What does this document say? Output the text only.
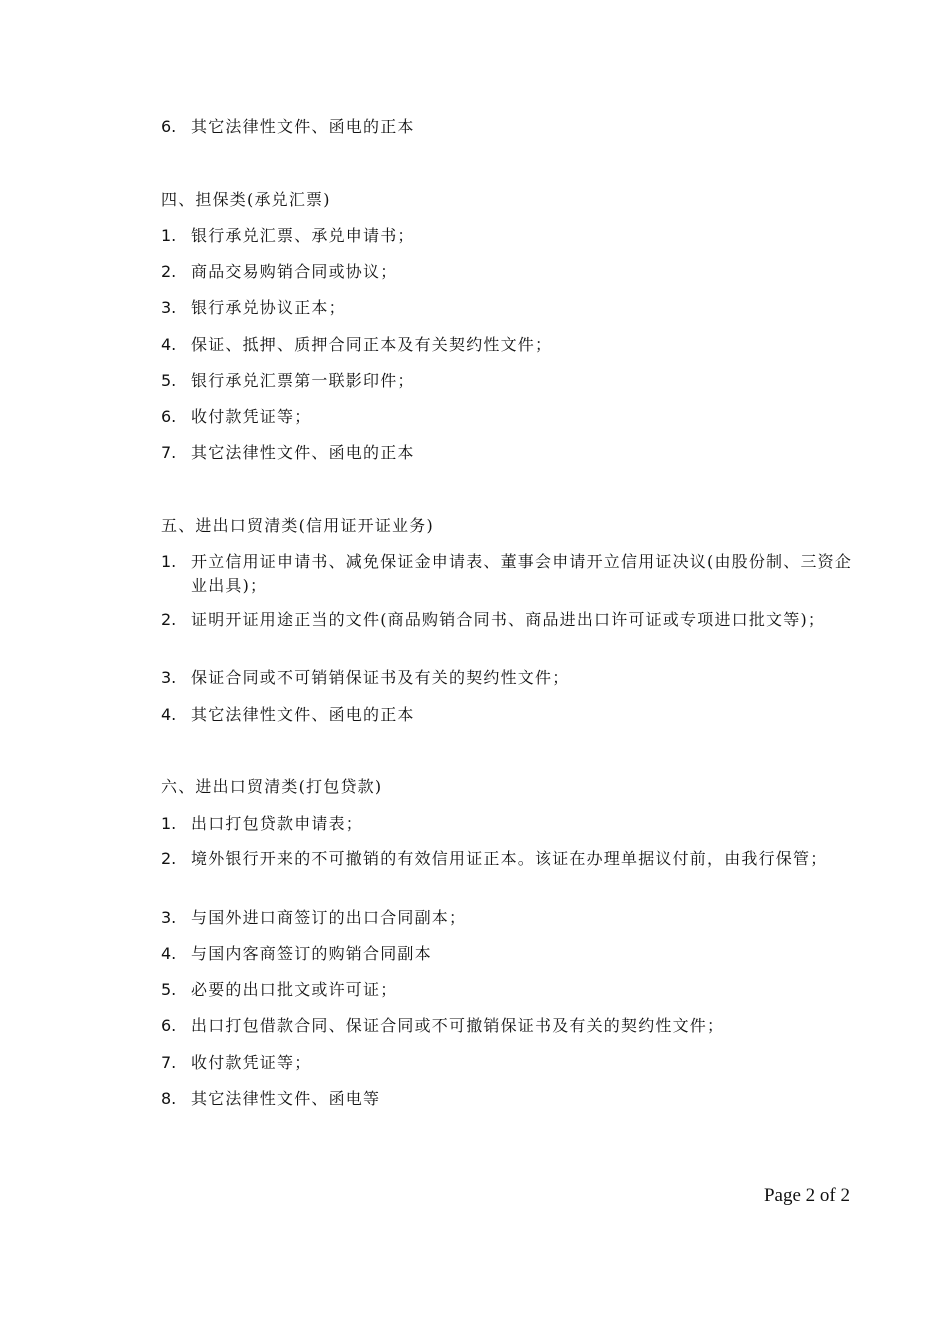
6. 其它法律性文件、函电的正本
四、担保类(承兑汇票)
1. 银行承兑汇票、承兑申请书；
2. 商品交易购销合同或协议；
3. 银行承兑协议正本；
4. 保证、抵押、质押合同正本及有关契约性文件；
5. 银行承兑汇票第一联影印件；
6. 收付款凭证等；
7. 其它法律性文件、函电的正本
五、进出口贸清类(信用证开证业务)
1. 开立信用证申请书、减免保证金申请表、董事会申请开立信用证决议(由股份制、三资企业出具)；
2. 证明开证用途正当的文件(商品购销合同书、商品进出口许可证或专项进口批文等)；
3. 保证合同或不可销销保证书及有关的契约性文件；
4. 其它法律性文件、函电的正本
六、进出口贸清类(打包贷款)
1. 出口打包贷款申请表；
2. 境外银行开来的不可撤销的有效信用证正本。该证在办理单据议付前，由我行保管；
3. 与国外进口商签订的出口合同副本；
4. 与国内客商签订的购销合同副本
5. 必要的出口批文或许可证；
6. 出口打包借款合同、保证合同或不可撤销保证书及有关的契约性文件；
7. 收付款凭证等；
8. 其它法律性文件、函电等
Page 2 of 2
